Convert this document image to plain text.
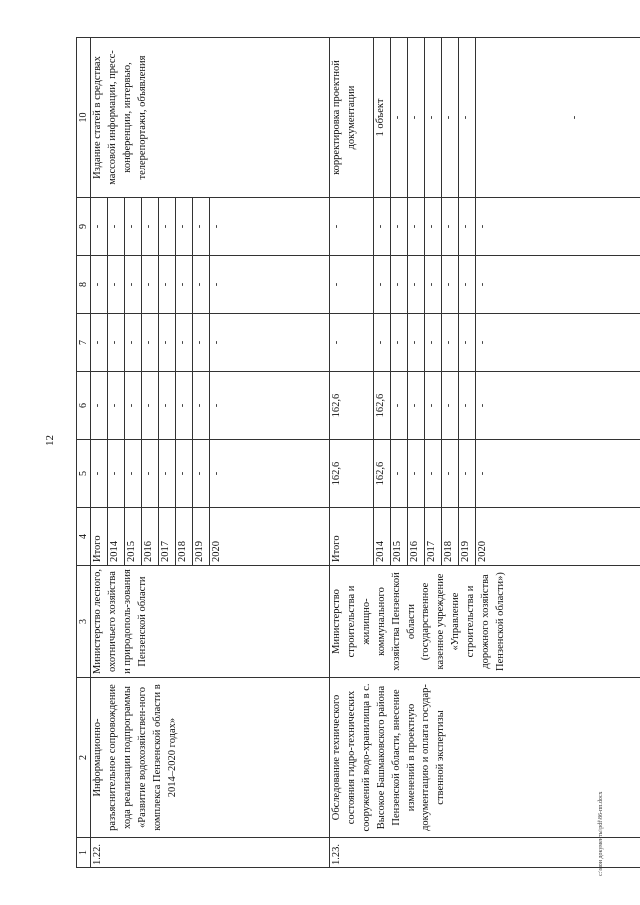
12
1	2	3	4	5	6	7	8	9	10
1.22.	Информационно-разъяснительное сопровождение хода реализации подпрограммы «Развитие водохозяйствен-ного комплекса Пензенской области в 2014–2020 годах»	Министерство лесного, охотничьего хозяйства и природополь-зования Пензенской области	Итого	-	-	-	-	-	Издание статей в средствах массовой информации, пресс-конференции, интервью, телерепортажи, объявления
			2014	-	-	-	-	-	
			2015	-	-	-	-	-	
			2016	-	-	-	-	-	
			2017	-	-	-	-	-	
			2018	-	-	-	-	-	
			2019	-	-	-	-	-	
			2020	-	-	-	-	-	
1.23.	Обследование технического состояния гидро-технических сооружений водо-хранилища в с. Высокое Башмаковского района Пензенской области, внесение изменений в проектную документацию и оплата государ-ственной экспертизы	Министерство строительства и жилищно-коммунального хозяйства Пензенской области (государственное казенное учреждение «Управление строительства и дорожного хозяйства Пензенской области»)	Итого	162,6	162,6	-	-	-	корректировка проектной документации
			2014	162,6	162,6	-	-	-	1 объект
			2015	-	-	-	-	-	-
			2016	-	-	-	-	-	-
			2017	-	-	-	-	-	-
			2018	-	-	-	-	-	-
			2019	-	-	-	-	-	-
			2020	-	-	-	-	-	-
с:\мои документы\pdf\86-пп.docx
